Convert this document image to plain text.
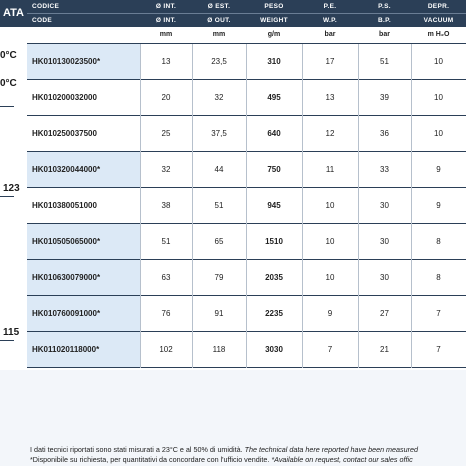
ATA
0°C
0°C
123
115
CODICE	Ø INT.	Ø EST.	PESO	P.E.	P.S.	DEPR.
CODE	Ø INT.	Ø OUT.	WEIGHT	W.P.	B.P.	VACUUM
mm	mm	g/m	bar	bar	m H₂O
HK010130023500*	13	23,5	310	17	51	10
HK010200032000	20	32	495	13	39	10
HK010250037500	25	37,5	640	12	36	10
HK010320044000*	32	44	750	11	33	9
HK010380051000	38	51	945	10	30	9
HK010505065000*	51	65	1510	10	30	8
HK010630079000*	63	79	2035	10	30	8
HK010760091000*	76	91	2235	9	27	7
HK011020118000*	102	118	3030	7	21	7
I dati tecnici riportati sono stati misurati a 23°C e al 50% di umidità. The technical data here reported have been measured
*Disponibile su richiesta, per quantitativi da concordare con l'ufficio vendite. *Available on request, contact our sales offic
